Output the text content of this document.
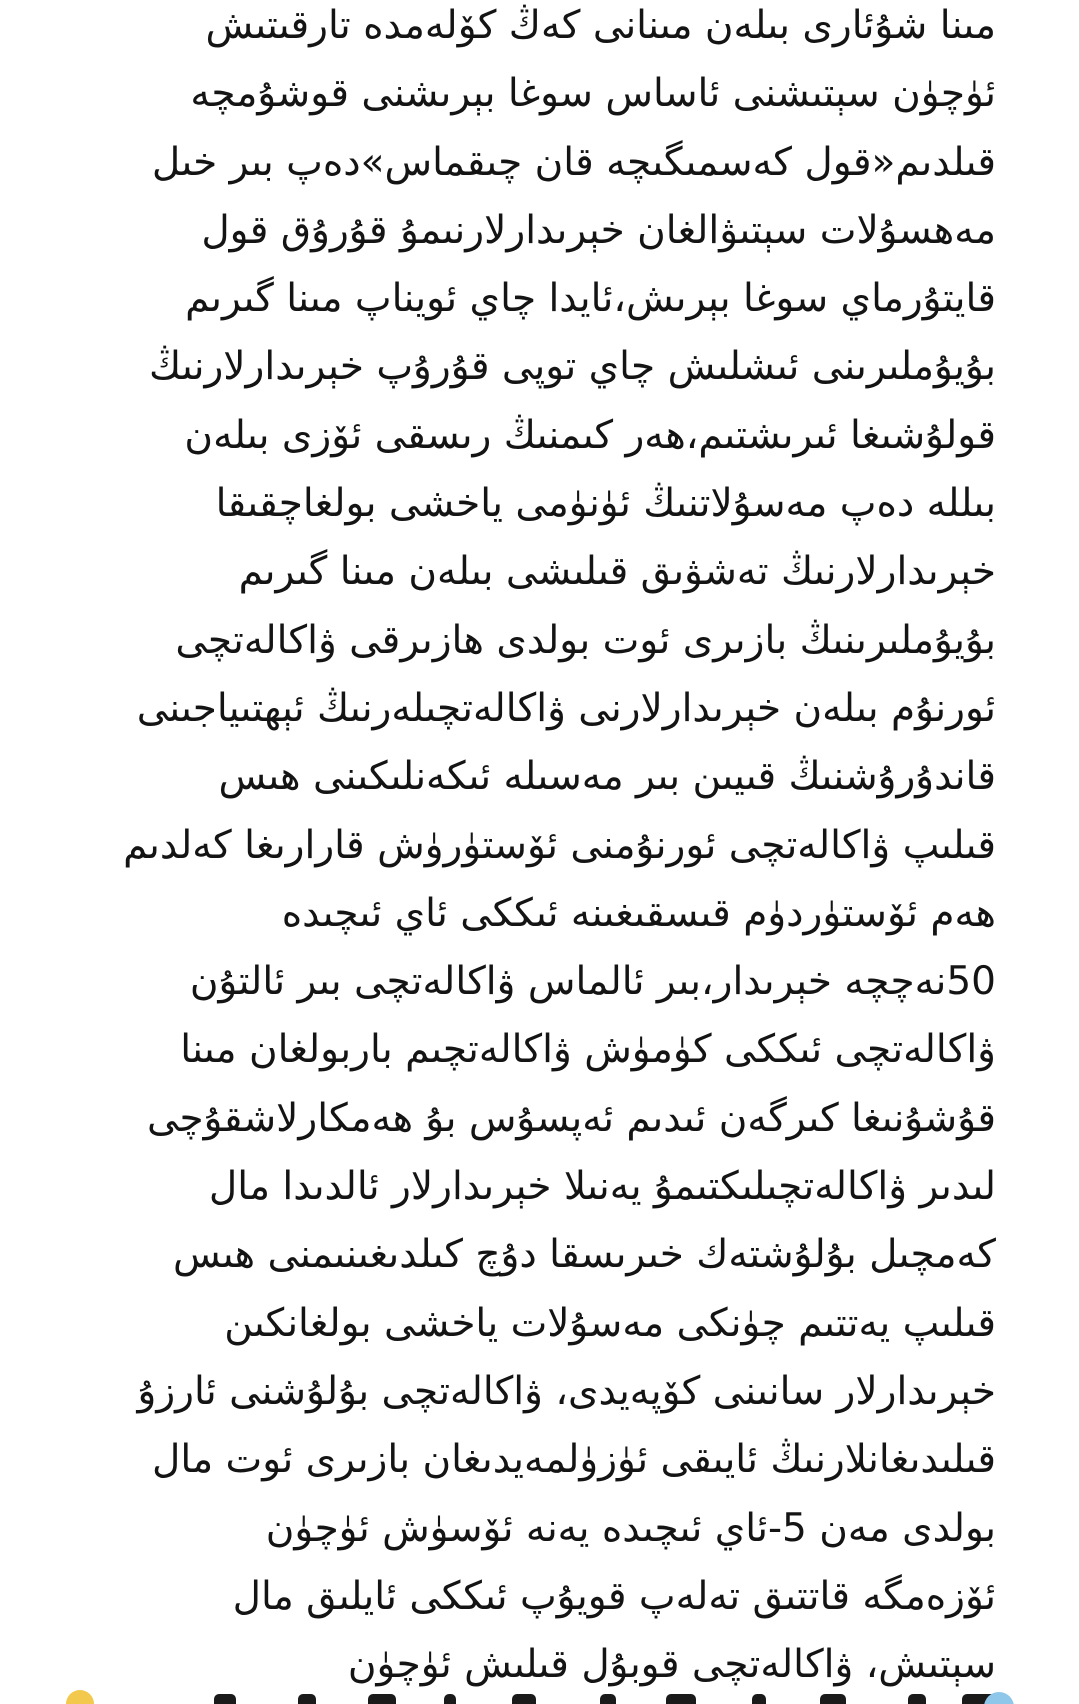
مىنا شۇئارى بىلەن مىنانى كەڭ كۆلەمدە تارقىتىش
ئۈچۈن سېتىشنى ئاساس سوغا بېرىشنى قوشۇمچە
قىلدىم«قول كەسمىگىچە قان چىقماس»دەپ بىر خىل
مەھسۇلات سېتىۋالغان خېرىدارلارنىمۇ قۇرۇق قول
قايتۇرماي سوغا بېرىش،ئايدا چاي ئويناپ مىنا گىرىم
بۇيۇملىرىنى ئىشلىش چاي توپى قۇرۇپ خېرىدارلارنىڭ
قولۇشىغا ئىرىشتىم،ھەر كىمنىڭ رىسقى ئۆزى بىلەن
بىللە دەپ مەسۇلاتنىڭ ئۈنۈمى ياخشى بولغاچقىقا
خېرىدارلارنىڭ تەشۋىق قىلىشى بىلەن مىنا گىرىم
بۇيۇملىرىنىڭ بازىرى ئوت بولدى ھازىرقى ۋاكالەتچى
ئورنۇم بىلەن خېرىدارلارنى ۋاكالەتچىلەرنىڭ ئېھتىياجىنى
قاندۇرۇشنىڭ قىيىن بىر مەسىلە ئىكەنلىكىنى ھىس
قىلىپ ۋاكالەتچى ئورنۇمنى ئۆستۈرۈش قارارىغا كەلدىم
ھەم ئۆستۈردۈم قىسقىغىنە ئىككى ئاي ئىچىدە
50نەچچە خېرىدار،بىر ئالماس ۋاكالەتچى بىر ئالتۇن
ۋاكالەتچى ئىككى كۈمۈش ۋاكالەتچىم باربولغان مىنا
قۇشۇنىغا كىرگەن ئىدىم ئەپسۇس بۇ ھەمكارلاشقۇچى
لىدىر ۋاكالەتچىلىكتىمۇ يەنىلا خېرىدارلار ئالدىدا مال
كەمچىل بۇلۇشتەك خىرىسقا دۇچ كىلدىغىنىمنى ھىس
قىلىپ يەتتىم چۈنكى مەسۇلات ياخشى بولغانكىن
خېرىدارلار سانىنى كۆپەيدى، ۋاكالەتچى بۇلۇشنى ئارزۇ
قىلىدىغانلارنىڭ ئايىقى ئۈزۈلمەيدىغان بازىرى ئوت مال
بولدى مەن 5-ئاي ئىچىدە يەنە ئۆسۈش ئۈچۈن
ئۆزەمگە قاتتىق تەلەپ قويۇپ ئىككى ئايلىق مال
سېتىش، ۋاكالەتچى قوبۇل قىلىش ئۈچۈن
